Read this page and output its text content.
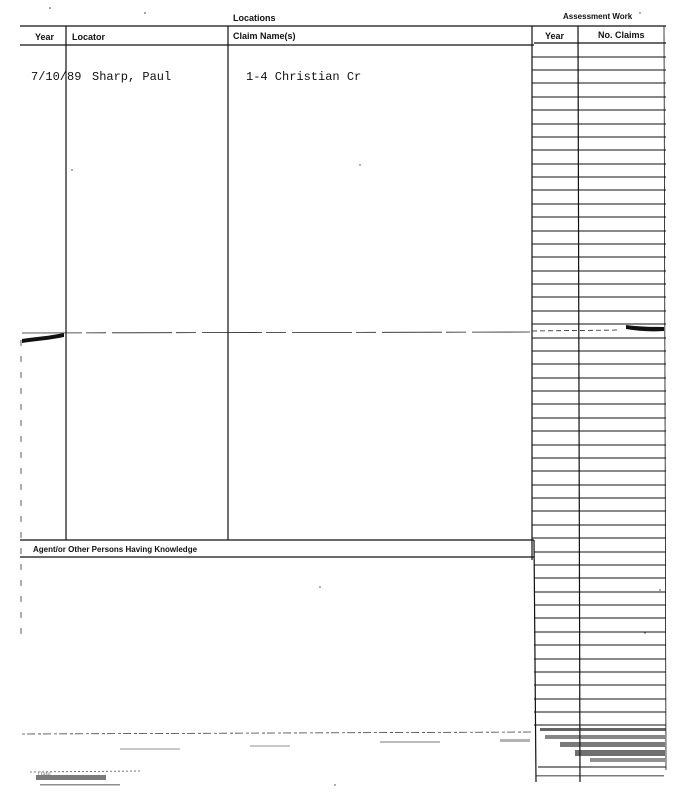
Locations	Assessment Work
Year Locator	Claim Name(s)	Year	No. Claims
7/10/89 Sharp, Paul	1-4 Christian Cr
Agent/or Other Persons Having Knowledge
Date ...
